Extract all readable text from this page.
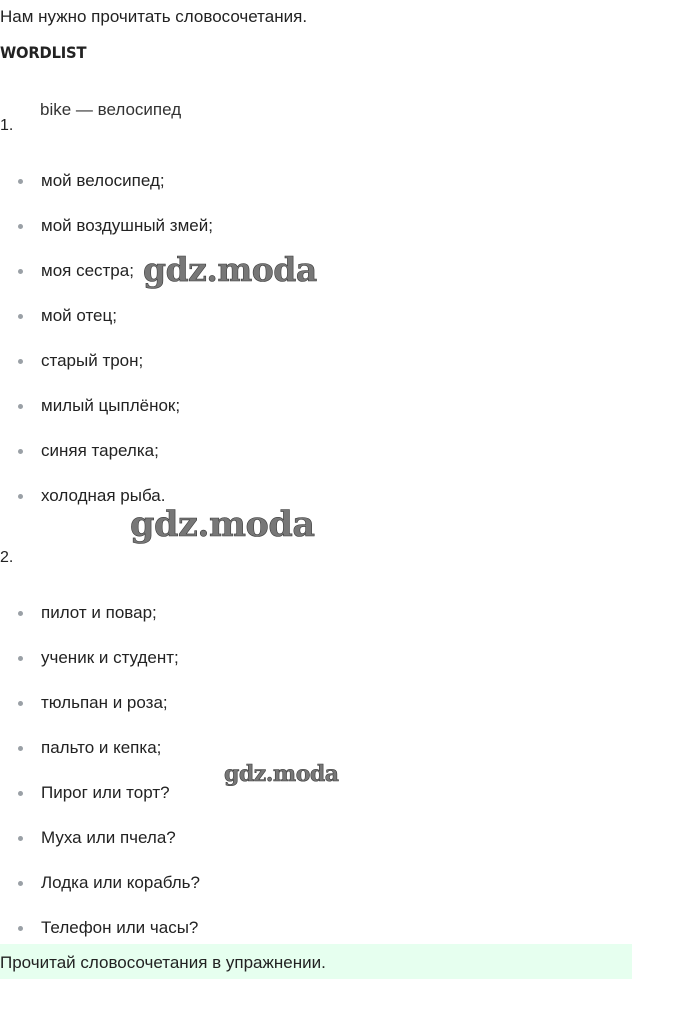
Нам нужно прочитать словосочетания.
WORDLIST
bike — велосипед
1.
мой велосипед;
мой воздушный змей;
моя сестра;
мой отец;
старый трон;
милый цыплёнок;
синяя тарелка;
холодная рыба.
2.
пилот и повар;
ученик и студент;
тюльпан и роза;
пальто и кепка;
Пирог или торт?
Муха или пчела?
Лодка или корабль?
Телефон или часы?
Прочитай словосочетания в упражнении.
gdz.moda
gdz.moda
gdz.moda
